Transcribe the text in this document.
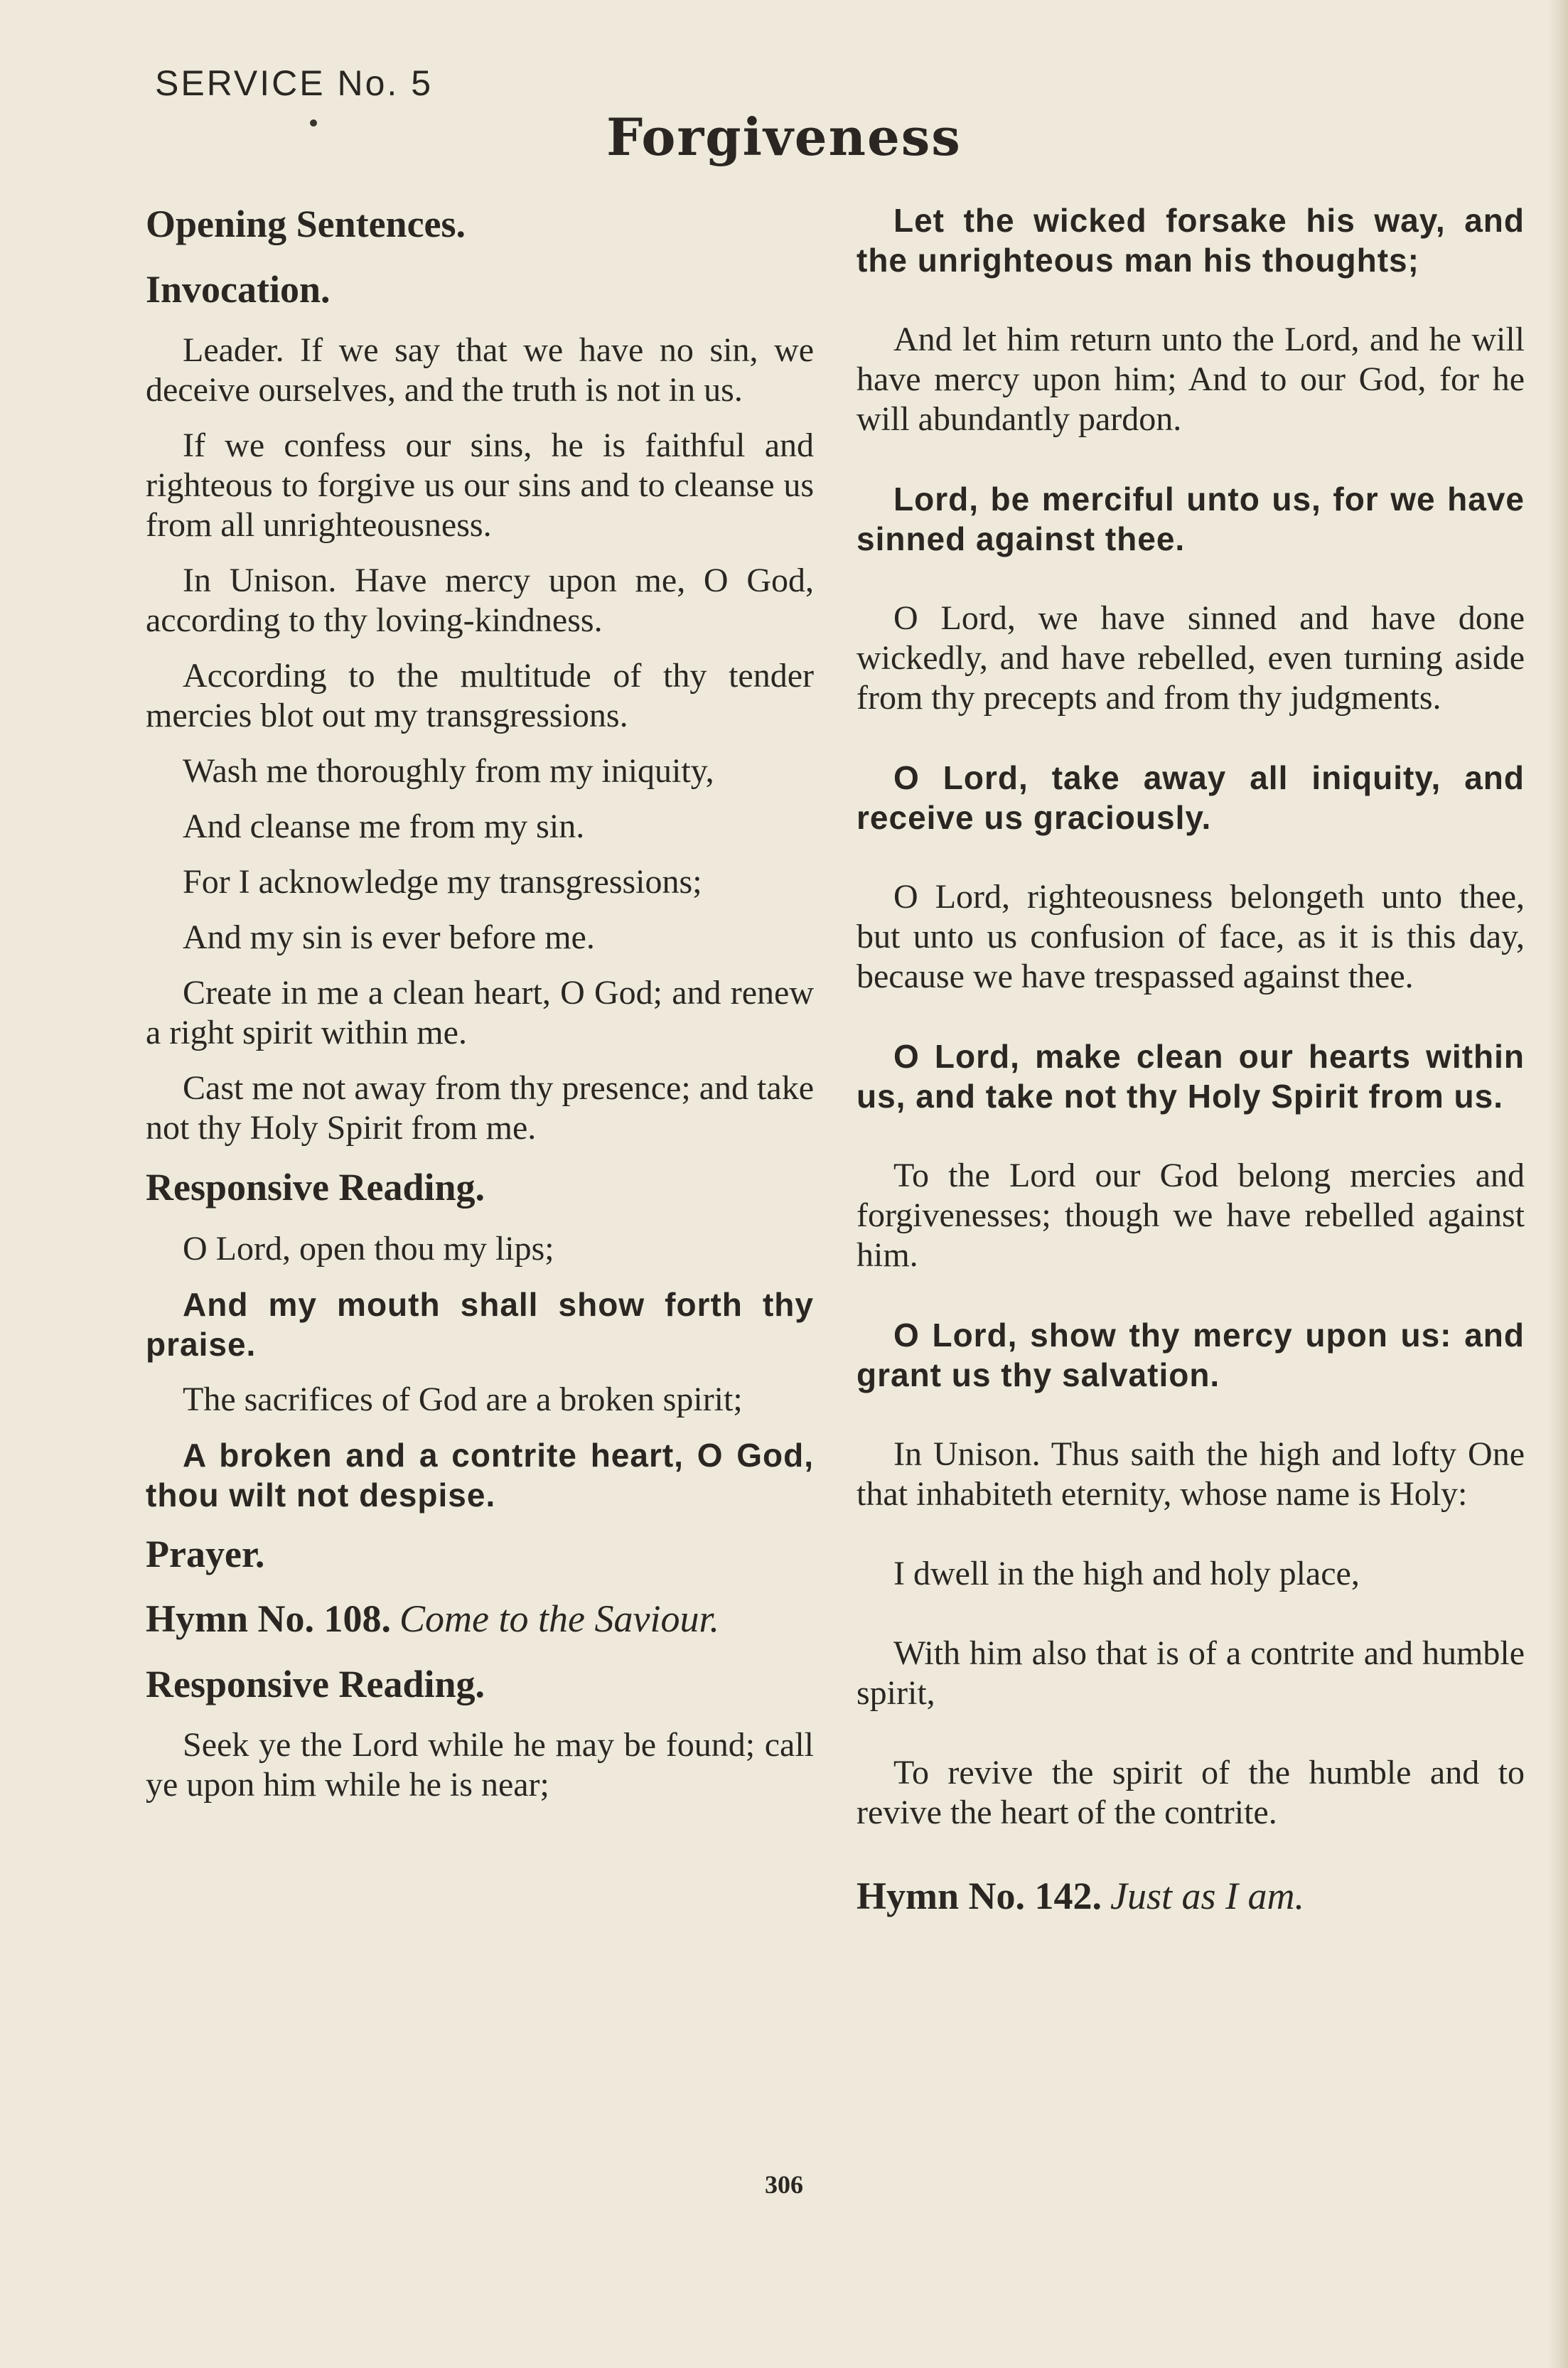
SERVICE No. 5
Forgiveness
Opening Sentences.
Invocation.
Leader. If we say that we have no sin, we deceive ourselves, and the truth is not in us.
If we confess our sins, he is faithful and righteous to forgive us our sins and to cleanse us from all unrighteousness.
In Unison. Have mercy upon me, O God, according to thy loving-kindness.
According to the multitude of thy tender mercies blot out my transgressions.
Wash me thoroughly from my iniquity,
And cleanse me from my sin.
For I acknowledge my transgressions;
And my sin is ever before me.
Create in me a clean heart, O God; and renew a right spirit within me.
Cast me not away from thy presence; and take not thy Holy Spirit from me.
Responsive Reading.
O Lord, open thou my lips;
And my mouth shall show forth thy praise.
The sacrifices of God are a broken spirit;
A broken and a contrite heart, O God, thou wilt not despise.
Prayer.
Hymn No. 108. Come to the Saviour.
Responsive Reading.
Seek ye the Lord while he may be found; call ye upon him while he is near;
Let the wicked forsake his way, and the unrighteous man his thoughts;
And let him return unto the Lord, and he will have mercy upon him; And to our God, for he will abundantly pardon.
Lord, be merciful unto us, for we have sinned against thee.
O Lord, we have sinned and have done wickedly, and have rebelled, even turning aside from thy precepts and from thy judgments.
O Lord, take away all iniquity, and receive us graciously.
O Lord, righteousness belongeth unto thee, but unto us confusion of face, as it is this day, because we have trespassed against thee.
O Lord, make clean our hearts within us, and take not thy Holy Spirit from us.
To the Lord our God belong mercies and forgivenesses; though we have rebelled against him.
O Lord, show thy mercy upon us: and grant us thy salvation.
In Unison. Thus saith the high and lofty One that inhabiteth eternity, whose name is Holy:
I dwell in the high and holy place,
With him also that is of a contrite and humble spirit,
To revive the spirit of the humble and to revive the heart of the contrite.
Hymn No. 142. Just as I am.
306
